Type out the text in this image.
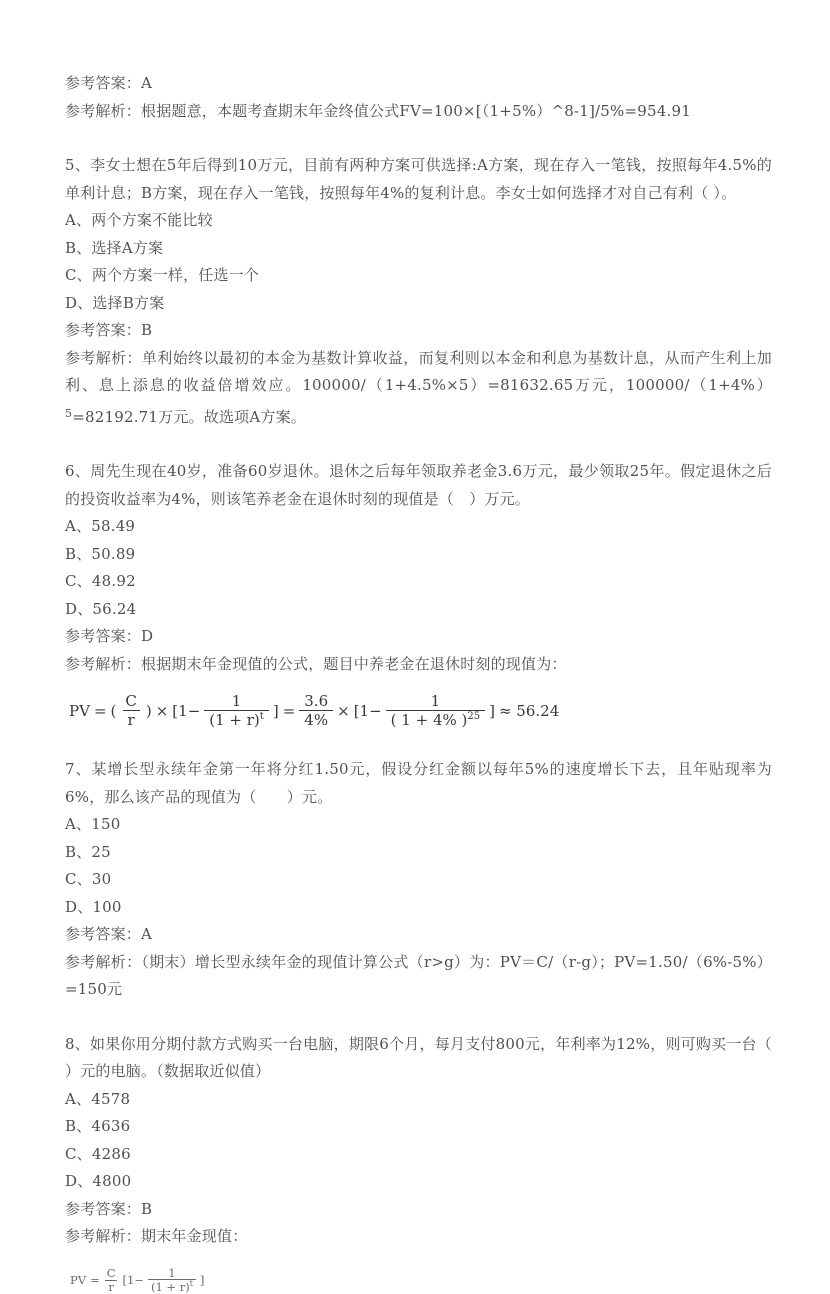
参考答案：A

参考解析：根据题意，本题考查期末年金终值公式FV=100×[（1+5%）^8-1]/5%=954.91

5、李女士想在5年后得到10万元，目前有两种方案可供选择:A方案，现在存入一笔钱，按照每年4.5%的单利计息；B方案，现在存入一笔钱，按照每年4%的复利计息。李女士如何选择才对自己有利（ ）。

A、两个方案不能比较

B、选择A方案

C、两个方案一样，任选一个

D、选择B方案

参考答案：B

参考解析：单利始终以最初的本金为基数计算收益，而复利则以本金和利息为基数计息，从而产生利上加利、息上添息的收益倍增效应。100000/（1+4.5%×5）=81632.65万元，$100000/(1+4\%)^5=82192.71$万元。故选项A方案。

6、周先生现在40岁，准备60岁退休。退休之后每年领取养老金3.6万元，最少领取25年。假定退休之后的投资收益率为4%，则该笔养老金在退休时刻的现值是（　）万元。

A、58.49

B、50.89

C、48.92

D、56.24

参考答案：D

参考解析：根据期末年金现值的公式，题目中养老金在退休时刻的现值为：

PV = ( $\frac{C}{r}$ ) × [$1- \frac{1}{(1 + r)^t}$ ] = $\frac{3.6}{4\%} \times [1- \frac{1}{( 1 + 4\% )^{25}}$ ] ≈ 56.24

7、某增长型永续年金第一年将分红1.50元，假设分红金额以每年5%的速度增长下去，且年贴现率为6%，那么该产品的现值为（　　）元。

A、150

B、25

C、30

D、100

参考答案：A

参考解析：（期末）增长型永续年金的现值计算公式（r>g）为：PV＝C/（r-g）；PV=1.50/（6%-5%）=150元

8、如果你用分期付款方式购买一台电脑，期限6个月，每月支付800元，年利率为12%，则可购买一台（ ）元的电脑。（数据取近似值）

A、4578

B、4636

C、4286

D、4800

参考答案：B

参考解析：期末年金现值：

PV = $\frac{C}{r} [1- \frac{1}{(1 + r)^t}$ ]
